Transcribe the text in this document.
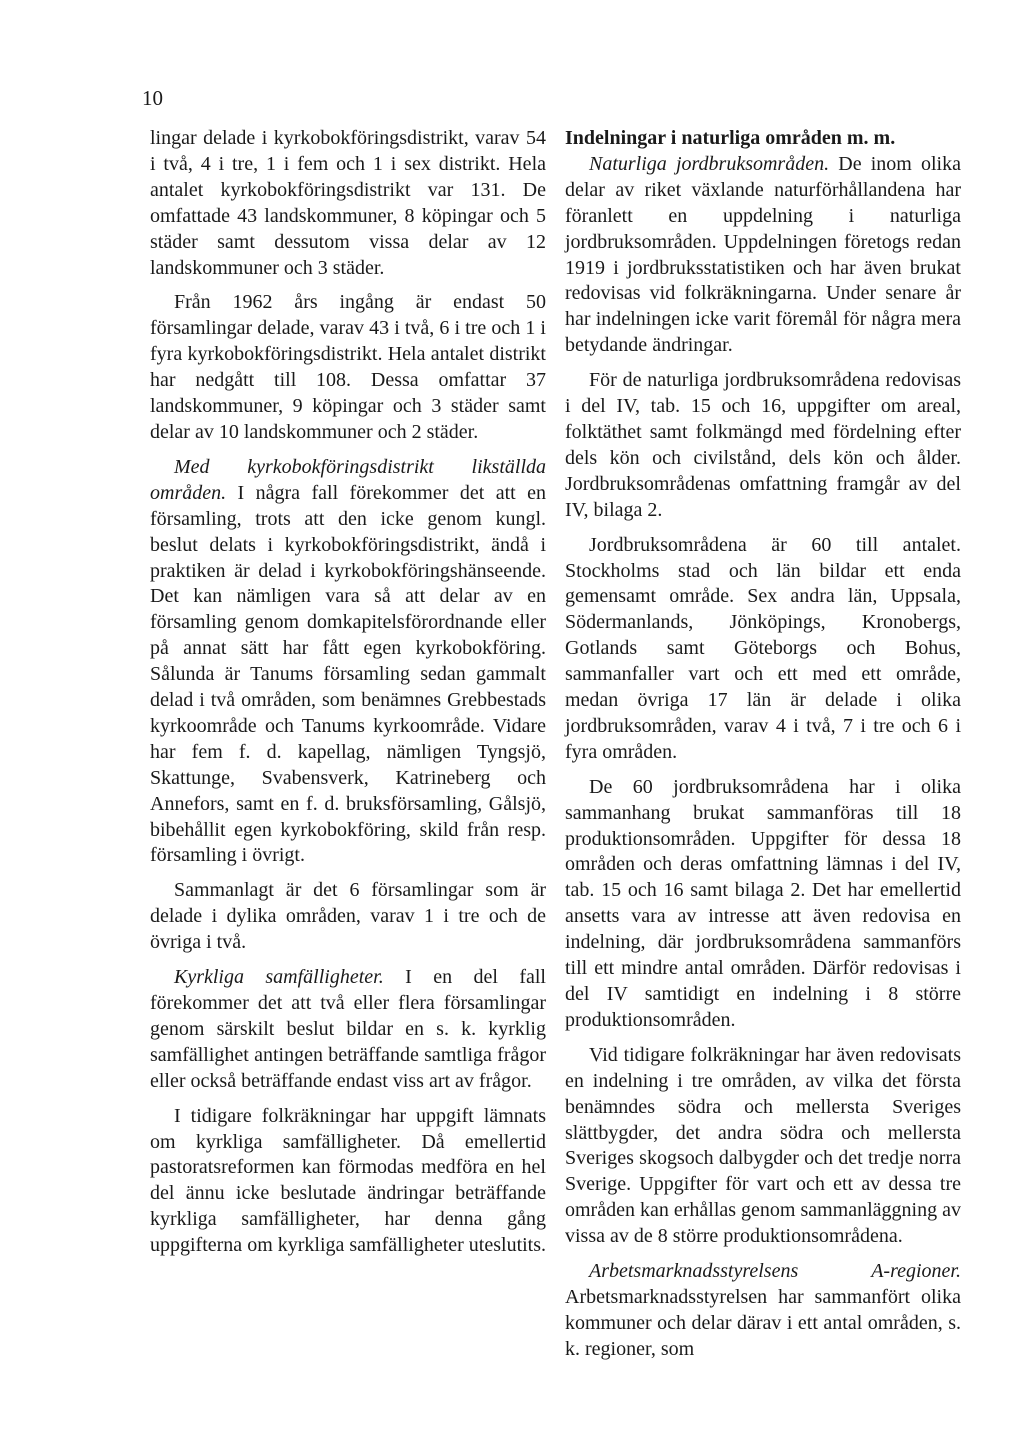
10

lingar delade i kyrkobokföringsdistrikt, varav 54 i två, 4 i tre, 1 i fem och 1 i sex distrikt. Hela antalet kyrkobokföringsdistrikt var 131. De omfattade 43 landskommuner, 8 köpingar och 5 städer samt dessutom vissa delar av 12 landskommuner och 3 städer.

Från 1962 års ingång är endast 50 församlingar delade, varav 43 i två, 6 i tre och 1 i fyra kyrkobokföringsdistrikt. Hela antalet distrikt har nedgått till 108. Dessa omfattar 37 landskommuner, 9 köpingar och 3 städer samt delar av 10 landskommuner och 2 städer.

Med kyrkobokföringsdistrikt likställda områden. I några fall förekommer det att en församling, trots att den icke genom kungl. beslut delats i kyrkobokföringsdistrikt, ändå i praktiken är delad i kyrkobokföringshänseende. Det kan nämligen vara så att delar av en församling genom domkapitelsförordnande eller på annat sätt har fått egen kyrkobokföring. Sålunda är Tanums församling sedan gammalt delad i två områden, som benämnes Grebbestads kyrkoområde och Tanums kyrkoområde. Vidare har fem f. d. kapellag, nämligen Tyngsjö, Skattunge, Svabensverk, Katrineberg och Annefors, samt en f. d. bruksförsamling, Gålsjö, bibehållit egen kyrkobokföring, skild från resp. församling i övrigt.

Sammanlagt är det 6 församlingar som är delade i dylika områden, varav 1 i tre och de övriga i två.

Kyrkliga samfälligheter. I en del fall förekommer det att två eller flera församlingar genom särskilt beslut bildar en s. k. kyrklig samfällighet antingen beträffande samtliga frågor eller också beträffande endast viss art av frågor.

I tidigare folkräkningar har uppgift lämnats om kyrkliga samfälligheter. Då emellertid pastoratsreformen kan förmodas medföra en hel del ännu icke beslutade ändringar beträffande kyrkliga samfälligheter, har denna gång uppgifterna om kyrkliga samfälligheter uteslutits.

Indelningar i naturliga områden m. m.

Naturliga jordbruksområden. De inom olika delar av riket växlande naturförhållandena har föranlett en uppdelning i naturliga jordbruksområden. Uppdelningen företogs redan 1919 i jordbruksstatistiken och har även brukat redovisas vid folkräkningarna. Under senare år har indelningen icke varit föremål för några mera betydande ändringar.

För de naturliga jordbruksområdena redovisas i del IV, tab. 15 och 16, uppgifter om areal, folktäthet samt folkmängd med fördelning efter dels kön och civilstånd, dels kön och ålder. Jordbruksområdenas omfattning framgår av del IV, bilaga 2.

Jordbruksområdena är 60 till antalet. Stockholms stad och län bildar ett enda gemensamt område. Sex andra län, Uppsala, Södermanlands, Jönköpings, Kronobergs, Gotlands samt Göteborgs och Bohus, sammanfaller vart och ett med ett område, medan övriga 17 län är delade i olika jordbruksområden, varav 4 i två, 7 i tre och 6 i fyra områden.

De 60 jordbruksområdena har i olika sammanhang brukat sammanföras till 18 produktionsområden. Uppgifter för dessa 18 områden och deras omfattning lämnas i del IV, tab. 15 och 16 samt bilaga 2. Det har emellertid ansetts vara av intresse att även redovisa en indelning, där jordbruksområdena sammanförs till ett mindre antal områden. Därför redovisas i del IV samtidigt en indelning i 8 större produktionsområden.

Vid tidigare folkräkningar har även redovisats en indelning i tre områden, av vilka det första benämndes södra och mellersta Sveriges slättbygder, det andra södra och mellersta Sveriges skogsoch dalbygder och det tredje norra Sverige. Uppgifter för vart och ett av dessa tre områden kan erhållas genom sammanläggning av vissa av de 8 större produktionsområdena.

Arbetsmarknadsstyrelsens A-regioner. Arbetsmarknadsstyrelsen har sammanfört olika kommuner och delar därav i ett antal områden, s. k. regioner, som
